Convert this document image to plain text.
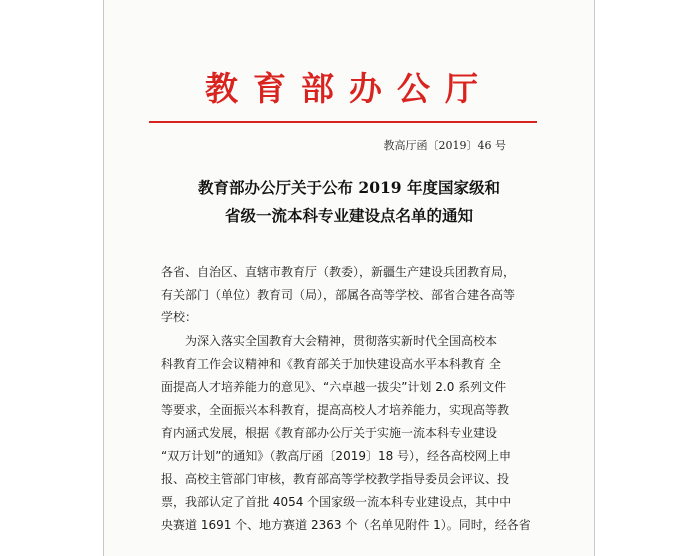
教育部办公厅
教高厅函〔2019〕46 号
教育部办公厅关于公布 2019 年度国家级和
省级一流本科专业建设点名单的通知
各省、自治区、直辖市教育厅（教委），新疆生产建设兵团教育局，
有关部门（单位）教育司（局），部属各高等学校、部省合建各高等
学校：
为深入落实全国教育大会精神，贯彻落实新时代全国高校本
科教育工作会议精神和《教育部关于加快建设高水平本科教育 全
面提高人才培养能力的意见》、“六卓越一拔尖”计划 2.0 系列文件
等要求，全面振兴本科教育，提高高校人才培养能力，实现高等教
育内涵式发展，根据《教育部办公厅关于实施一流本科专业建设
“双万计划”的通知》（教高厅函〔2019〕18 号），经各高校网上申
报、高校主管部门审核，教育部高等学校教学指导委员会评议、投
票，我部认定了首批 4054 个国家级一流本科专业建设点，其中中
央赛道 1691 个、地方赛道 2363 个（名单见附件 1）。同时，经各省
